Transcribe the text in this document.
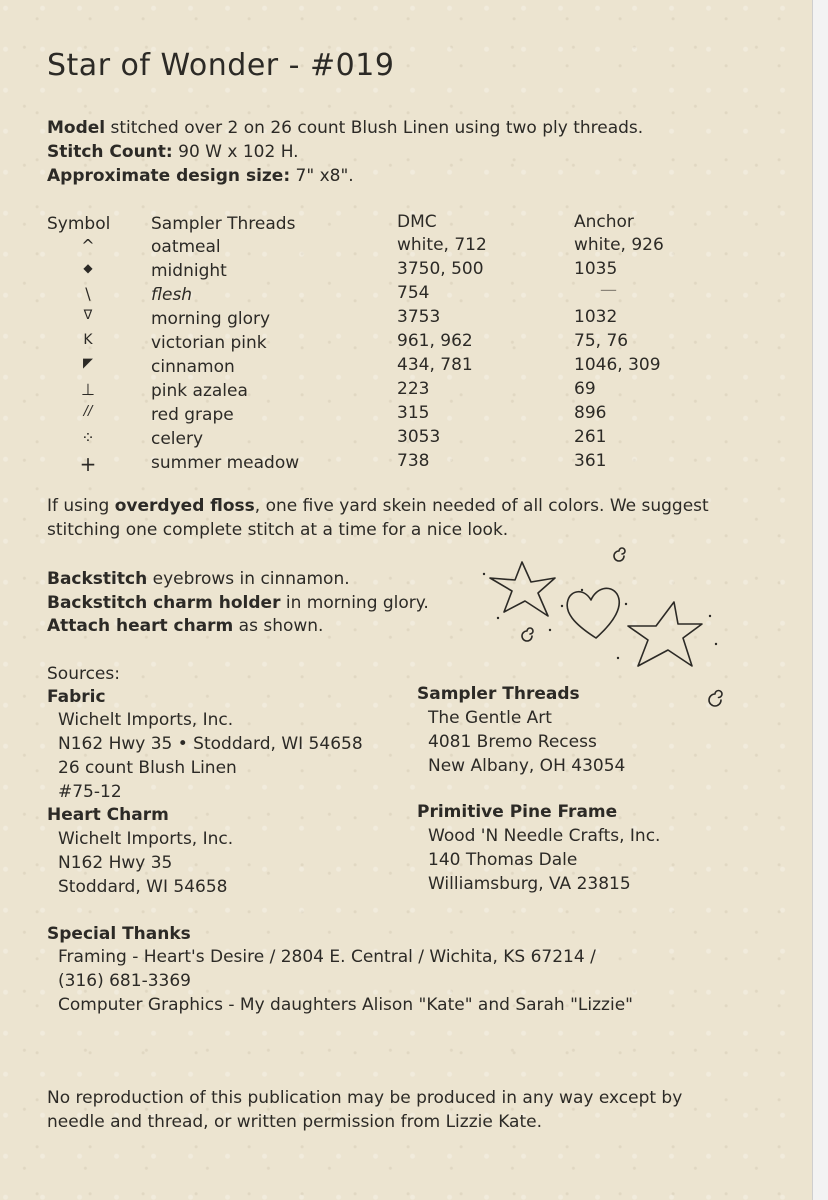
Star of Wonder - #019
Model stitched over 2 on 26 count Blush Linen using two ply threads.
Stitch Count: 90 W x 102 H.
Approximate design size: 7" x8".
Symbol Sampler Threads	DMC	Anchor
^	oatmeal	white, 712	white, 926
◆	midnight	3750, 500	1035
\	flesh	754	—
ᐁ	morning glory	3753	1032
K	victorian pink	961, 962	75, 76
◤	cinnamon	434, 781	1046, 309
⊥	pink azalea	223	69
//	red grape	315	896
⁘	celery	3053	261
+	summer meadow	738	361
If using overdyed floss, one five yard skein needed of all colors. We suggest
stitching one complete stitch at a time for a nice look.
Backstitch eyebrows in cinnamon.
Backstitch charm holder in morning glory.
Attach heart charm as shown.
Sources:
Fabric
Wichelt Imports, Inc.
N162 Hwy 35 • Stoddard, WI 54658
26 count Blush Linen
#75-12
Heart Charm
Wichelt Imports, Inc.
N162 Hwy 35
Stoddard, WI 54658
Sampler Threads
The Gentle Art
4081 Bremo Recess
New Albany, OH 43054
Primitive Pine Frame
Wood 'N Needle Crafts, Inc.
140 Thomas Dale
Williamsburg, VA 23815
Special Thanks
Framing - Heart's Desire / 2804 E. Central / Wichita, KS 67214 /
(316) 681-3369
Computer Graphics - My daughters Alison "Kate" and Sarah "Lizzie"
No reproduction of this publication may be produced in any way except by
needle and thread, or written permission from Lizzie Kate.
